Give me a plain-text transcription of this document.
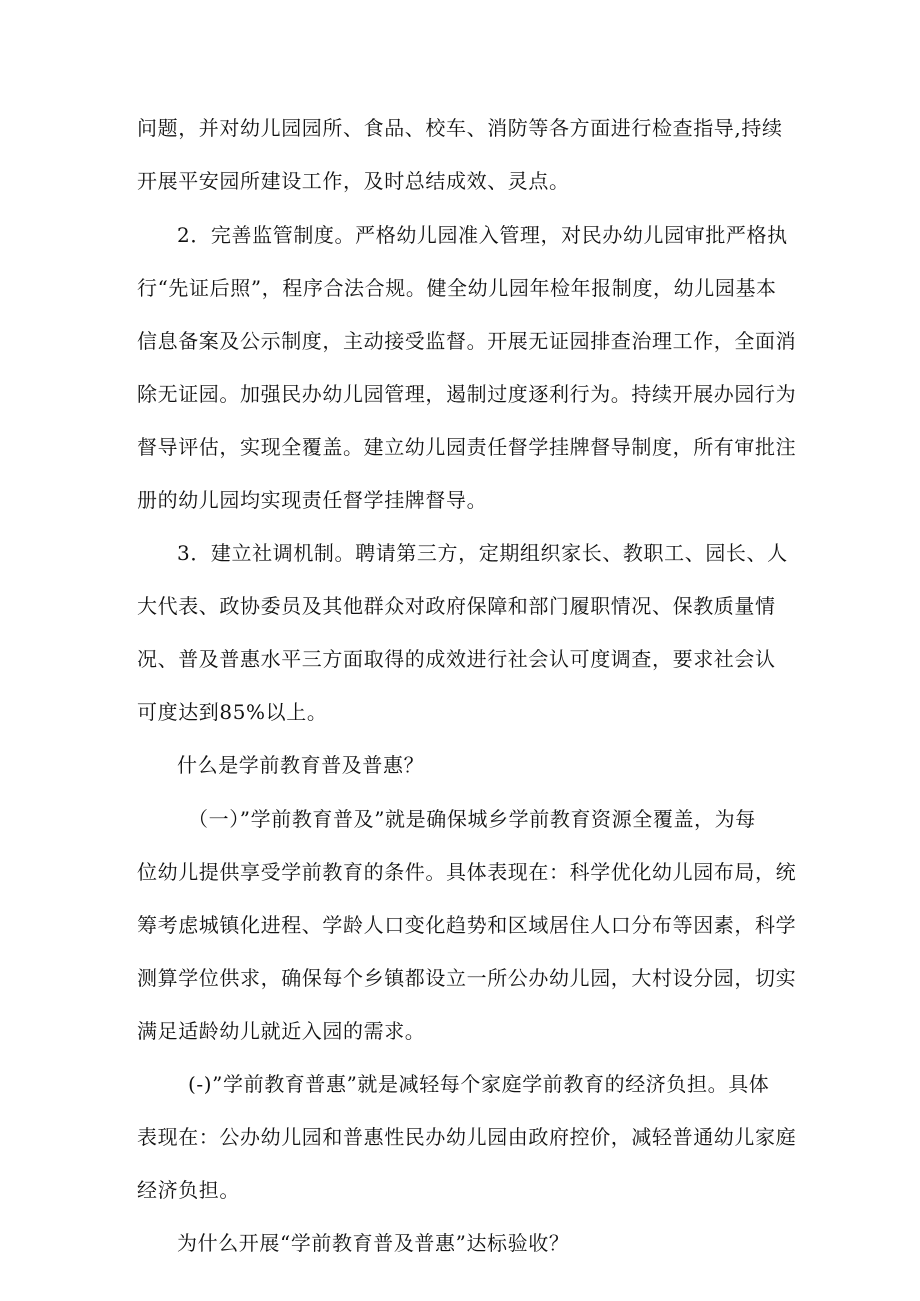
问题，并对幼儿园园所、食品、校车、消防等各方面进行检查指导,持续
开展平安园所建设工作，及时总结成效、灵点。
2．完善监管制度。严格幼儿园准入管理，对民办幼儿园审批严格执
行“先证后照”，程序合法合规。健全幼儿园年检年报制度，幼儿园基本
信息备案及公示制度，主动接受监督。开展无证园排查治理工作，全面消
除无证园。加强民办幼儿园管理，遏制过度逐利行为。持续开展办园行为
督导评估，实现全覆盖。建立幼儿园责任督学挂牌督导制度，所有审批注
册的幼儿园均实现责任督学挂牌督导。
3．建立社调机制。聘请第三方，定期组织家长、教职工、园长、人
大代表、政协委员及其他群众对政府保障和部门履职情况、保教质量情
况、普及普惠水平三方面取得的成效进行社会认可度调查，要求社会认
可度达到85%以上。
什么是学前教育普及普惠？
（一）”学前教育普及”就是确保城乡学前教育资源全覆盖，为每
位幼儿提供享受学前教育的条件。具体表现在：科学优化幼儿园布局，统
筹考虑城镇化进程、学龄人口变化趋势和区域居住人口分布等因素，科学
测算学位供求，确保每个乡镇都设立一所公办幼儿园，大村设分园，切实
满足适龄幼儿就近入园的需求。
(-)”学前教育普惠”就是减轻每个家庭学前教育的经济负担。具体
表现在：公办幼儿园和普惠性民办幼儿园由政府控价，减轻普通幼儿家庭
经济负担。
为什么开展“学前教育普及普惠”达标验收？
